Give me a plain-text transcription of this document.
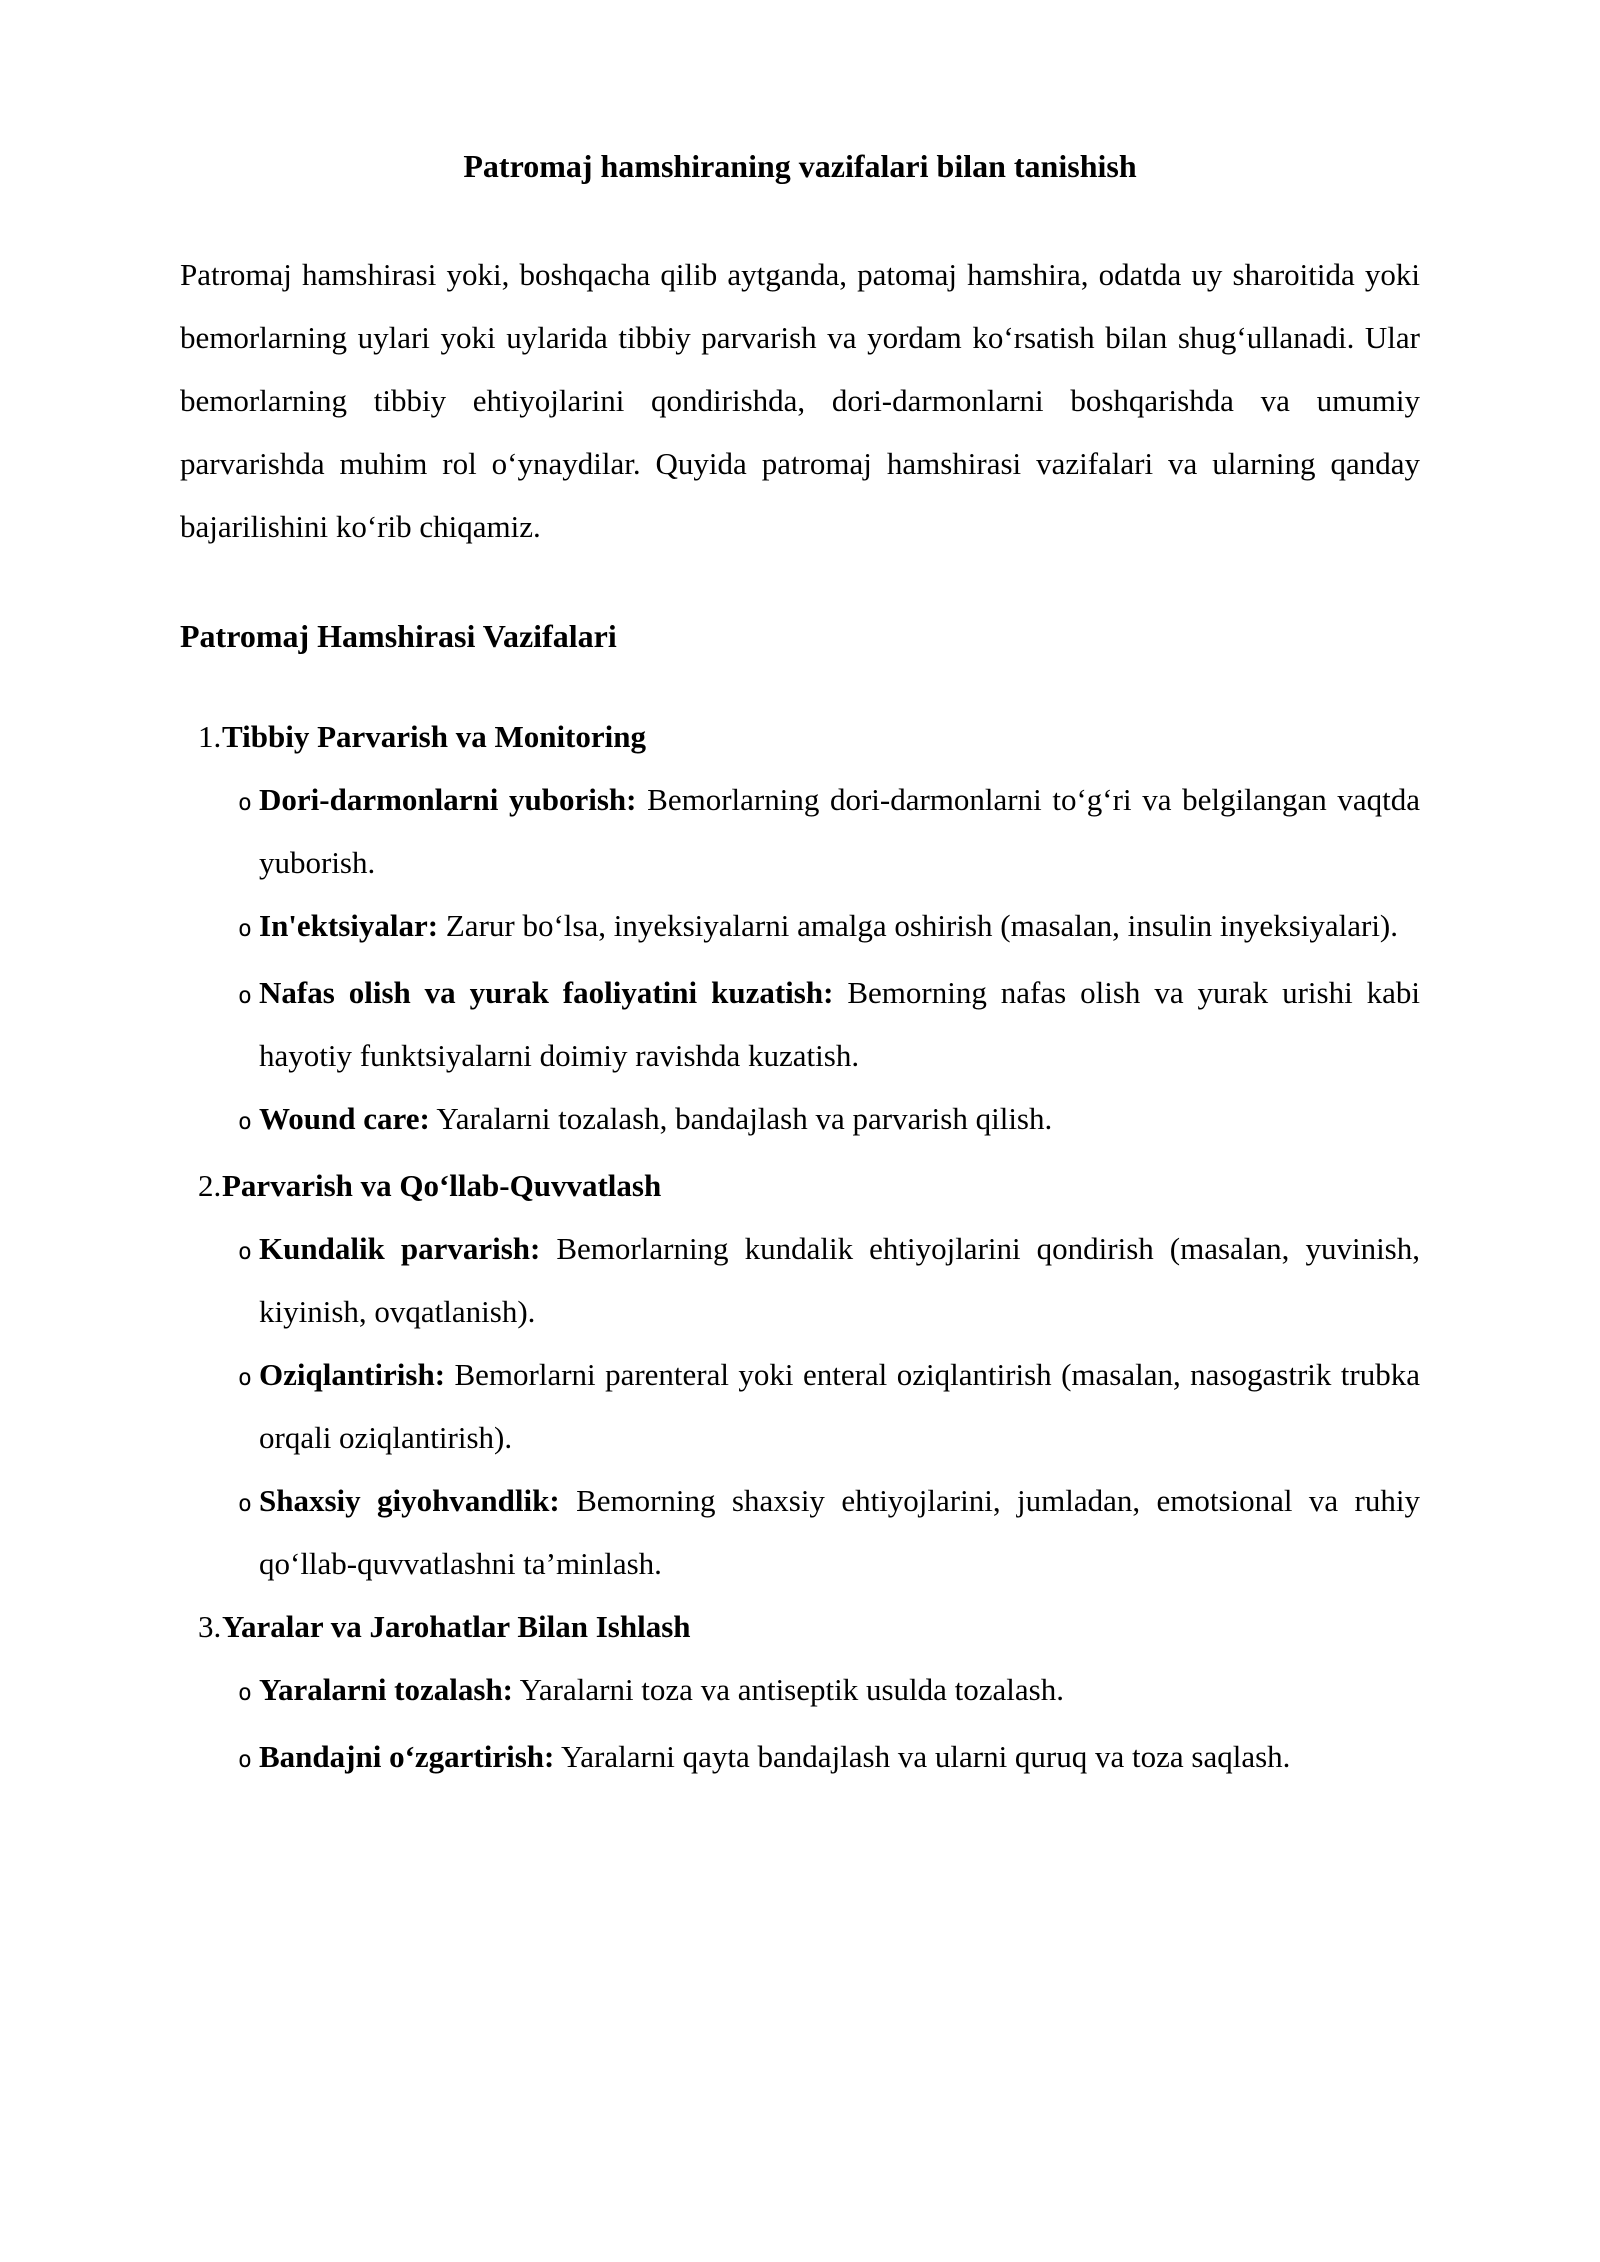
Patromaj hamshiraning vazifalari bilan tanishish

Patromaj hamshirasi yoki, boshqacha qilib aytganda, patomaj hamshira, odatda uy sharoitida yoki bemorlarning uylari yoki uylarida tibbiy parvarish va yordam koʻrsatish bilan shugʻullanadi. Ular bemorlarning tibbiy ehtiyojlarini qondirishda, dori-darmonlarni boshqarishda va umumiy parvarishda muhim rol oʻynaydilar. Quyida patromaj hamshirasi vazifalari va ularning qanday bajarilishini koʻrib chiqamiz.

Patromaj Hamshirasi Vazifalari
1.Tibbiy Parvarish va Monitoring
o Dori-darmonlarni yuborish: Bemorlarning dori-darmonlarni toʻgʻri va belgilangan vaqtda yuborish.
o In'ektsiyalar: Zarur boʻlsa, inyeksiyalarni amalga oshirish (masalan, insulin inyeksiyalari).
o Nafas olish va yurak faoliyatini kuzatish: Bemorning nafas olish va yurak urishi kabi hayotiy funktsiyalarni doimiy ravishda kuzatish.
o Wound care: Yaralarni tozalash, bandajlash va parvarish qilish.
2.Parvarish va Qoʻllab-Quvvatlash
o Kundalik parvarish: Bemorlarning kundalik ehtiyojlarini qondirish (masalan, yuvinish, kiyinish, ovqatlanish).
o Oziqlantirish: Bemorlarni parenteral yoki enteral oziqlantirish (masalan, nasogastrik trubka orqali oziqlantirish).
o Shaxsiy giyohvandlik: Bemorning shaxsiy ehtiyojlarini, jumladan, emotsional va ruhiy qoʻllab-quvvatlashni ta’minlash.
3.Yaralar va Jarohatlar Bilan Ishlash
o Yaralarni tozalash: Yaralarni toza va antiseptik usulda tozalash.
o Bandajni oʻzgartirish: Yaralarni qayta bandajlash va ularni quruq va toza saqlash.
